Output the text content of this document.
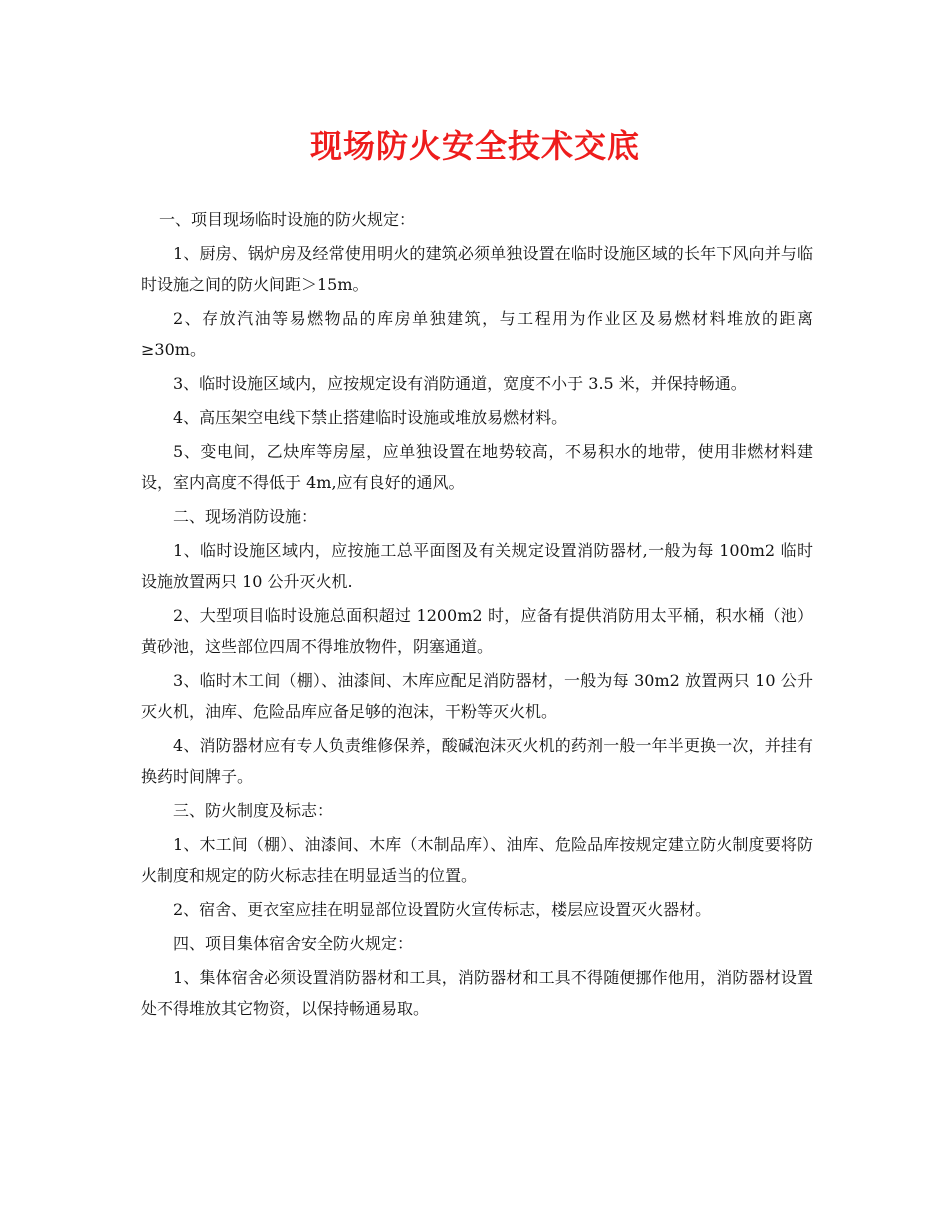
现场防火安全技术交底

一、项目现场临时设施的防火规定：

1、厨房、锅炉房及经常使用明火的建筑必须单独设置在临时设施区域的长年下风向并与临时设施之间的防火间距＞15m。

2、存放汽油等易燃物品的库房单独建筑，与工程用为作业区及易燃材料堆放的距离≥30m。

3、临时设施区域内，应按规定设有消防通道，宽度不小于 3.5 米，并保持畅通。

4、高压架空电线下禁止搭建临时设施或堆放易燃材料。

5、变电间，乙炔库等房屋，应单独设置在地势较高，不易积水的地带，使用非燃材料建设，室内高度不得低于 4m,应有良好的通风。

二、现场消防设施：

1、临时设施区域内，应按施工总平面图及有关规定设置消防器材,一般为每 100m2 临时设施放置两只 10 公升灭火机.

2、大型项目临时设施总面积超过 1200m2 时，应备有提供消防用太平桶，积水桶（池）黄砂池，这些部位四周不得堆放物件，阴塞通道。

3、临时木工间（棚）、油漆间、木库应配足消防器材，一般为每 30m2 放置两只 10 公升灭火机，油库、危险品库应备足够的泡沫，干粉等灭火机。

4、消防器材应有专人负责维修保养，酸碱泡沫灭火机的药剂一般一年半更换一次，并挂有换药时间牌子。

三、防火制度及标志：

1、木工间（棚）、油漆间、木库（木制品库）、油库、危险品库按规定建立防火制度要将防火制度和规定的防火标志挂在明显适当的位置。

2、宿舍、更衣室应挂在明显部位设置防火宣传标志，楼层应设置灭火器材。

四、项目集体宿舍安全防火规定：

1、集体宿舍必须设置消防器材和工具，消防器材和工具不得随便挪作他用，消防器材设置处不得堆放其它物资，以保持畅通易取。
